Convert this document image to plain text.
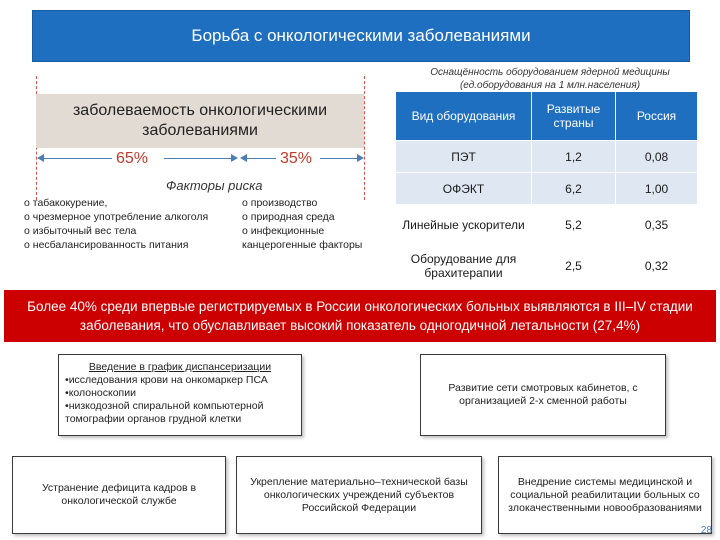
Борьба с онкологическими заболеваниями
заболеваемость онкологическими заболеваниями
65%	35%
Факторы риска
o табакокурение,
o чрезмерное употребление алкоголя
o избыточный вес тела
o несбалансированность питания
o производство
o природная среда
o инфекционные
канцерогенные факторы
Оснащённость оборудованием ядерной медицины (ед.оборудования на 1 млн.населения)
Вид оборудования	Развитые страны	Россия
ПЭТ	1,2	0,08
ОФЭКТ	6,2	1,00
Линейные ускорители	5,2	0,35
Оборудование для брахитерапии	2,5	0,32
Более 40% среди впервые регистрируемых в России онкологических больных выявляются в III–IV стадии заболевания, что обуславливает высокий показатель одногодичной летальности (27,4%)
Введение в график диспансеризации
• исследования крови на онкомаркер ПСА
• колоноскопии
• низкодозной спиральной компьютерной томографии органов грудной клетки
Развитие сети смотровых кабинетов, с организацией 2-х сменной работы
Устранение дефицита кадров в онкологической службе
Укрепление материально–технической базы онкологических учреждений субъектов Российской Федерации
Внедрение системы медицинской и социальной реабилитации больных со злокачественными новообразованиями
28
